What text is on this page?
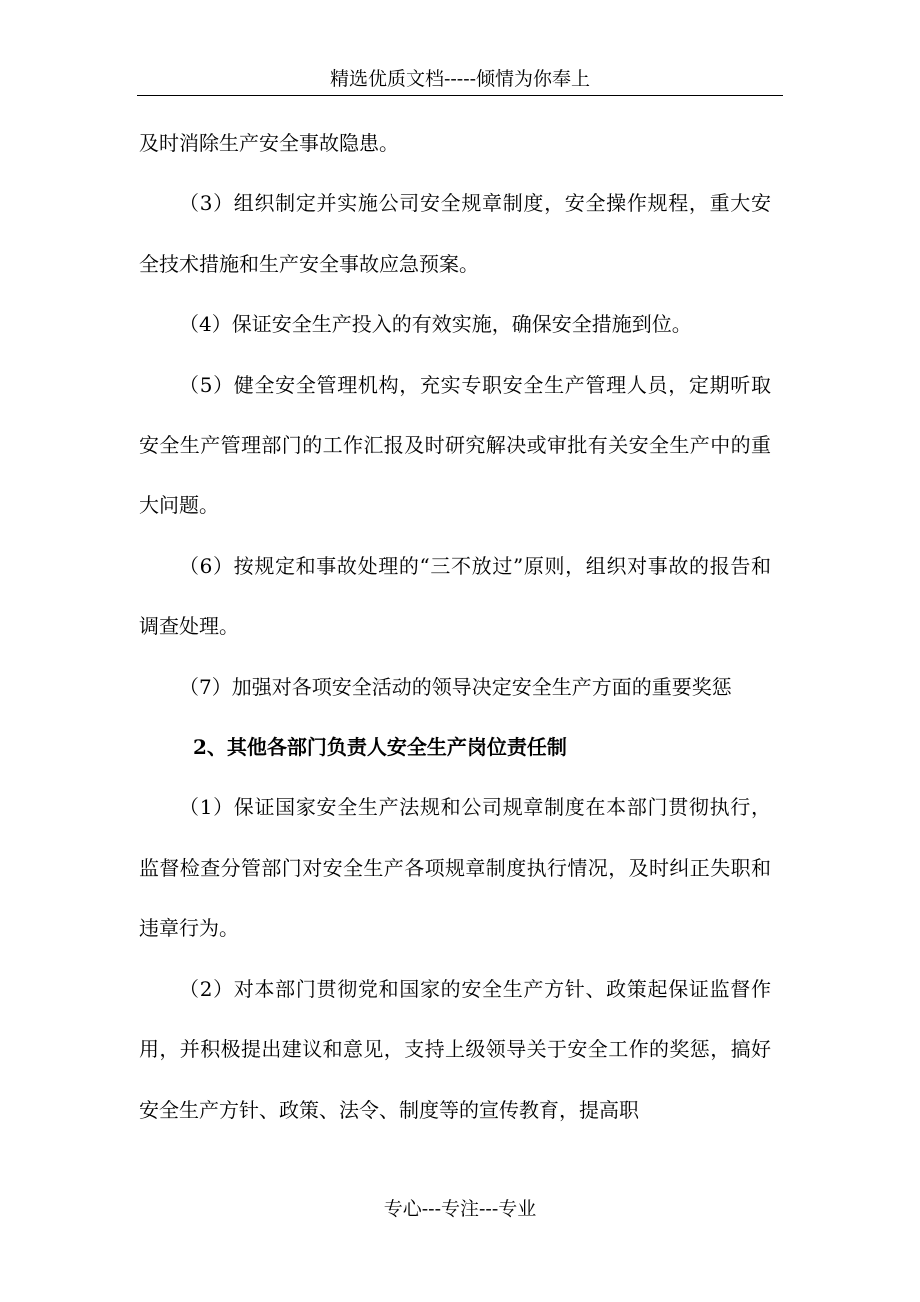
精选优质文档-----倾情为你奉上

及时消除生产安全事故隐患。

（3）组织制定并实施公司安全规章制度，安全操作规程，重大安全技术措施和生产安全事故应急预案。

（4）保证安全生产投入的有效实施，确保安全措施到位。

（5）健全安全管理机构，充实专职安全生产管理人员，定期听取安全生产管理部门的工作汇报及时研究解决或审批有关安全生产中的重大问题。

（6）按规定和事故处理的“三不放过”原则，组织对事故的报告和调查处理。

（7）加强对各项安全活动的领导决定安全生产方面的重要奖惩

2、其他各部门负责人安全生产岗位责任制

（1）保证国家安全生产法规和公司规章制度在本部门贯彻执行，监督检查分管部门对安全生产各项规章制度执行情况，及时纠正失职和违章行为。

（2）对本部门贯彻党和国家的安全生产方针、政策起保证监督作用，并积极提出建议和意见，支持上级领导关于安全工作的奖惩，搞好安全生产方针、政策、法令、制度等的宣传教育，提高职

专心---专注---专业
